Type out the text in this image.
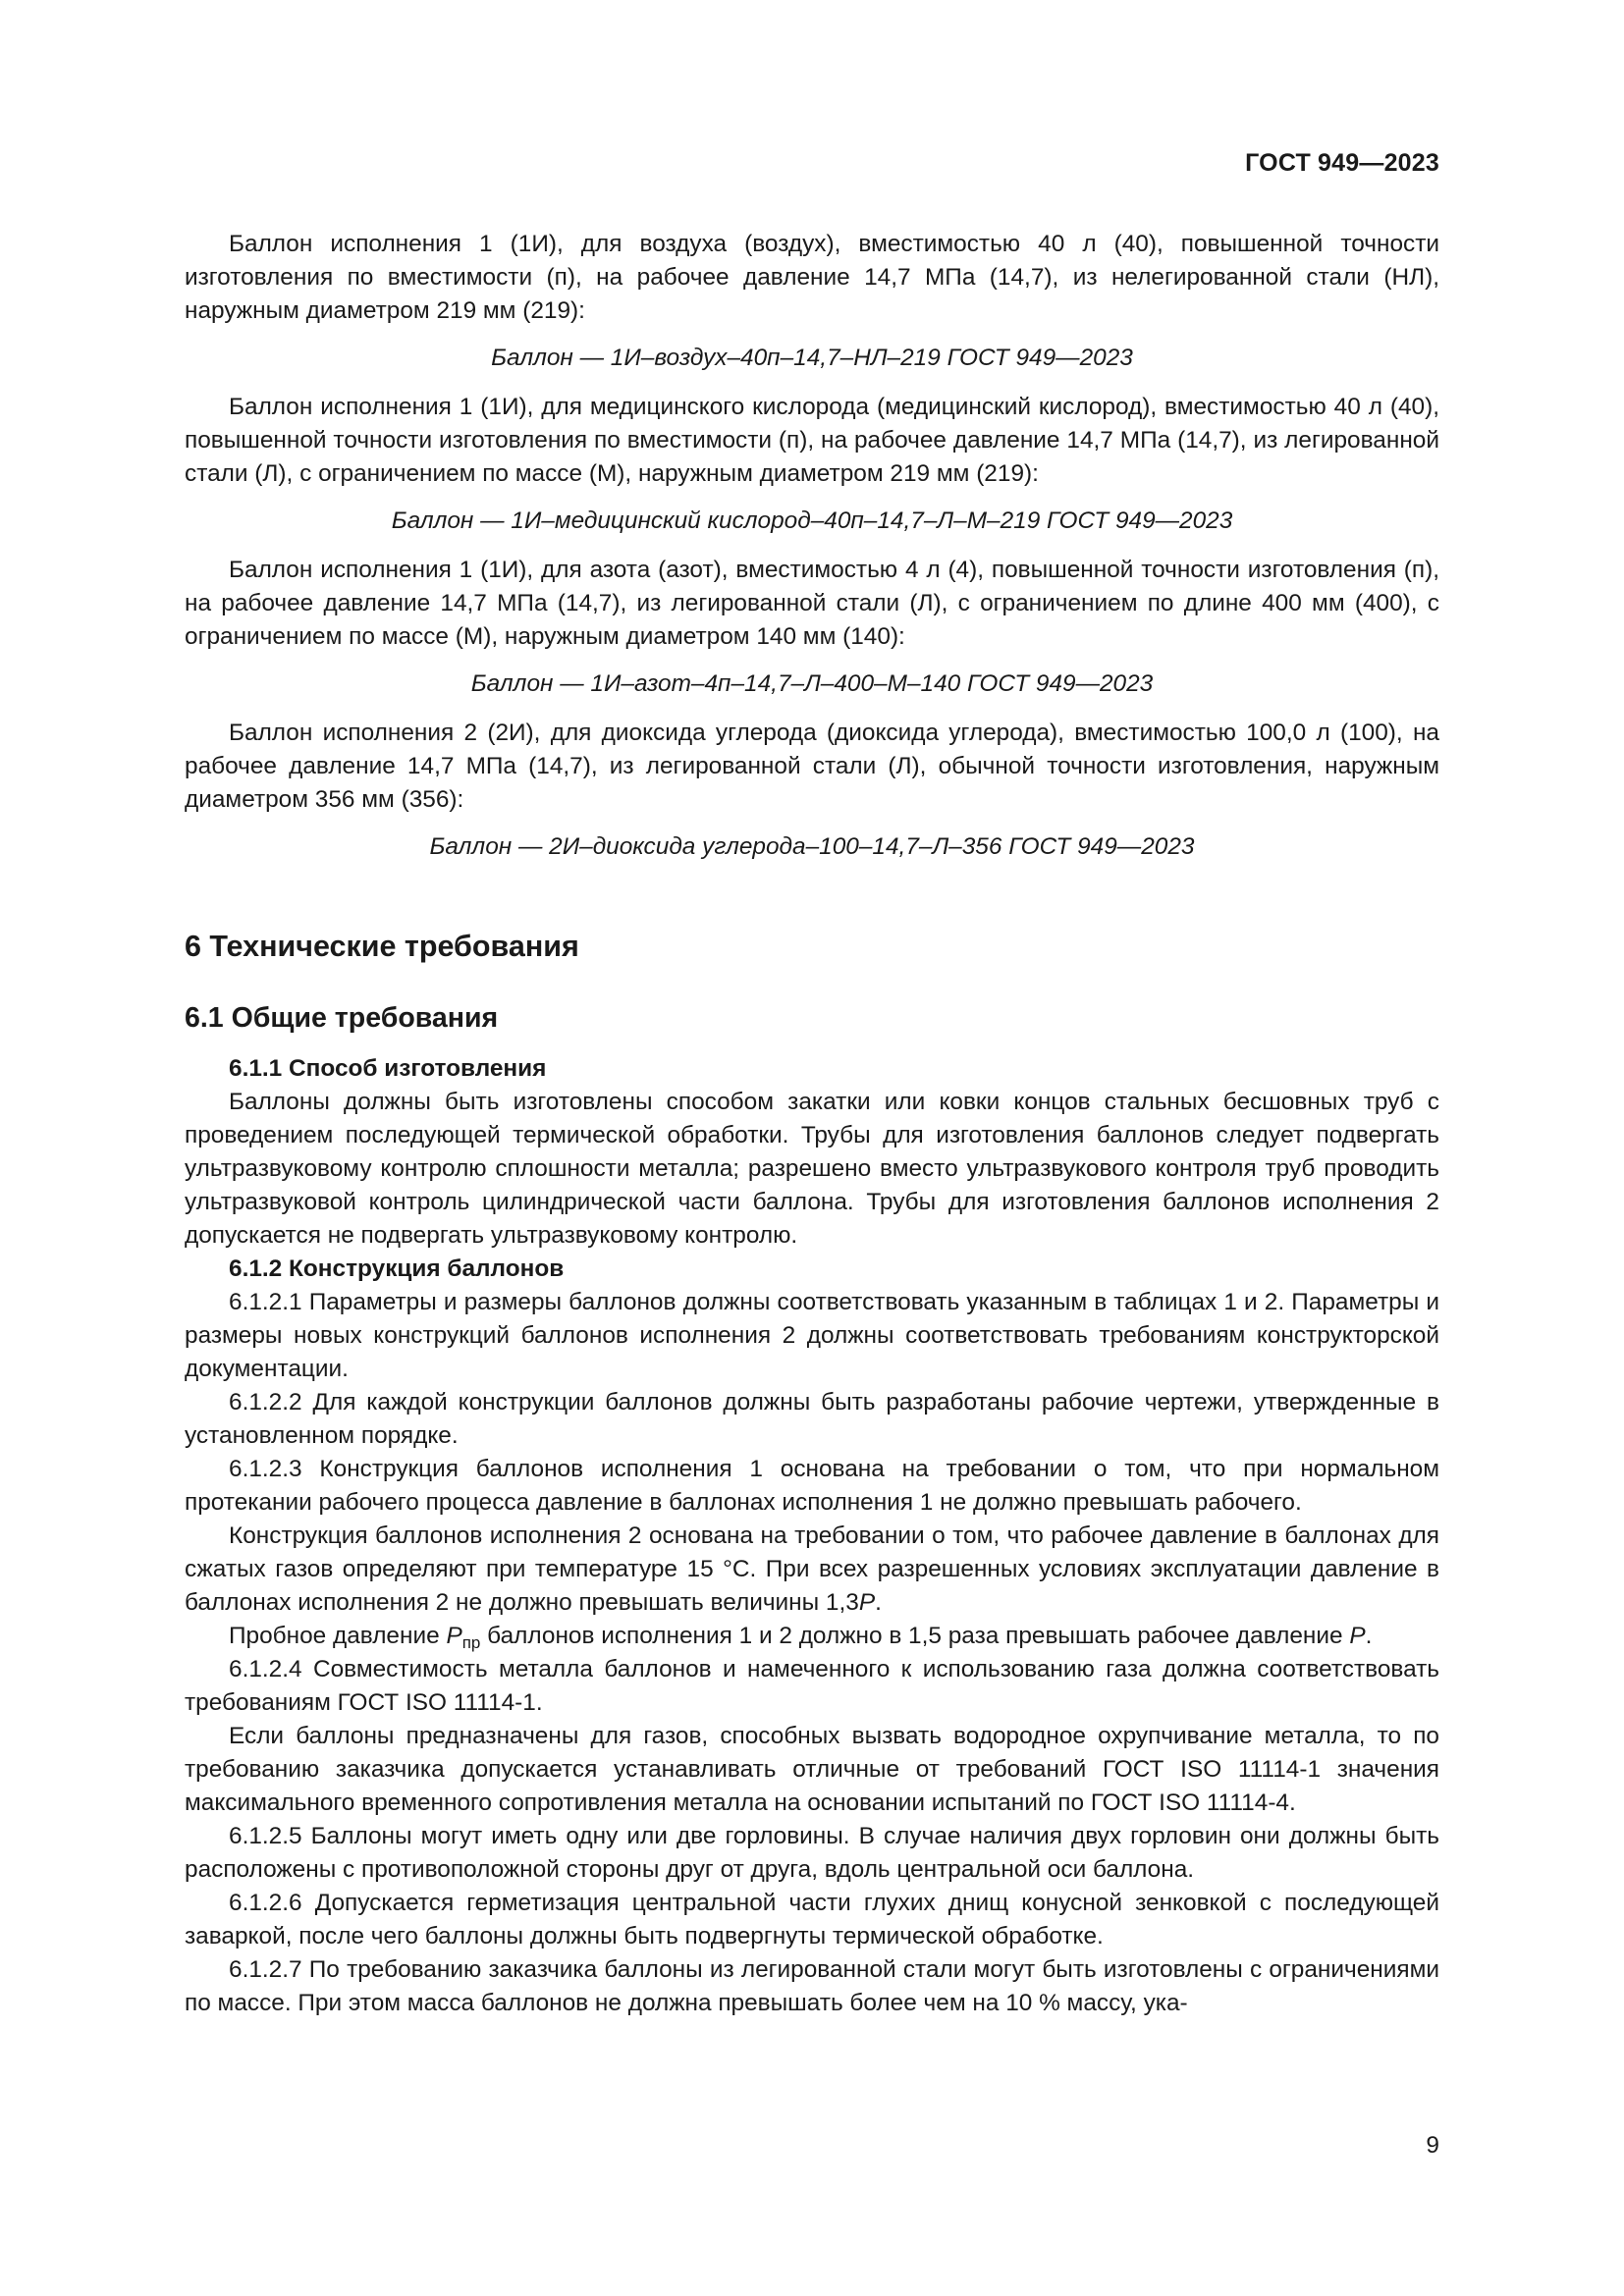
ГОСТ 949—2023

Баллон исполнения 1 (1И), для воздуха (воздух), вместимостью 40 л (40), повышенной точности изготовления по вместимости (п), на рабочее давление 14,7 МПа (14,7), из нелегированной стали (НЛ), наружным диаметром 219 мм (219):

Баллон — 1И–воздух–40п–14,7–НЛ–219 ГОСТ 949—2023

Баллон исполнения 1 (1И), для медицинского кислорода (медицинский кислород), вместимостью 40 л (40), повышенной точности изготовления по вместимости (п), на рабочее давление 14,7 МПа (14,7), из легированной стали (Л), с ограничением по массе (М), наружным диаметром 219 мм (219):

Баллон — 1И–медицинский кислород–40п–14,7–Л–М–219 ГОСТ 949—2023

Баллон исполнения 1 (1И), для азота (азот), вместимостью 4 л (4), повышенной точности изготовления (п), на рабочее давление 14,7 МПа (14,7), из легированной стали (Л), с ограничением по длине 400 мм (400), с ограничением по массе (М), наружным диаметром 140 мм (140):

Баллон — 1И–азот–4п–14,7–Л–400–М–140 ГОСТ 949—2023

Баллон исполнения 2 (2И), для диоксида углерода (диоксида углерода), вместимостью 100,0 л (100), на рабочее давление 14,7 МПа (14,7), из легированной стали (Л), обычной точности изготовления, наружным диаметром 356 мм (356):

Баллон — 2И–диоксида углерода–100–14,7–Л–356 ГОСТ 949—2023

6 Технические требования
6.1 Общие требования

6.1.1 Способ изготовления

Баллоны должны быть изготовлены способом закатки или ковки концов стальных бесшовных труб с проведением последующей термической обработки. Трубы для изготовления баллонов следует подвергать ультразвуковому контролю сплошности металла; разрешено вместо ультразвукового контроля труб проводить ультразвуковой контроль цилиндрической части баллона. Трубы для изготовления баллонов исполнения 2 допускается не подвергать ультразвуковому контролю.

6.1.2 Конструкция баллонов

6.1.2.1 Параметры и размеры баллонов должны соответствовать указанным в таблицах 1 и 2. Параметры и размеры новых конструкций баллонов исполнения 2 должны соответствовать требованиям конструкторской документации.

6.1.2.2 Для каждой конструкции баллонов должны быть разработаны рабочие чертежи, утвержденные в установленном порядке.

6.1.2.3 Конструкция баллонов исполнения 1 основана на требовании о том, что при нормальном протекании рабочего процесса давление в баллонах исполнения 1 не должно превышать рабочего.

Конструкция баллонов исполнения 2 основана на требовании о том, что рабочее давление в баллонах для сжатых газов определяют при температуре 15 °С. При всех разрешенных условиях эксплуатации давление в баллонах исполнения 2 не должно превышать величины 1,3P.

Пробное давление $P_{пр}$ баллонов исполнения 1 и 2 должно в 1,5 раза превышать рабочее давление P.

6.1.2.4 Совместимость металла баллонов и намеченного к использованию газа должна соответствовать требованиям ГОСТ ISO 11114-1.

Если баллоны предназначены для газов, способных вызвать водородное охрупчивание металла, то по требованию заказчика допускается устанавливать отличные от требований ГОСТ ISO 11114-1 значения максимального временного сопротивления металла на основании испытаний по ГОСТ ISO 11114-4.

6.1.2.5 Баллоны могут иметь одну или две горловины. В случае наличия двух горловин они должны быть расположены с противоположной стороны друг от друга, вдоль центральной оси баллона.

6.1.2.6 Допускается герметизация центральной части глухих днищ конусной зенковкой с последующей заваркой, после чего баллоны должны быть подвергнуты термической обработке.

6.1.2.7 По требованию заказчика баллоны из легированной стали могут быть изготовлены с ограничениями по массе. При этом масса баллонов не должна превышать более чем на 10 % массу, ука-

9
